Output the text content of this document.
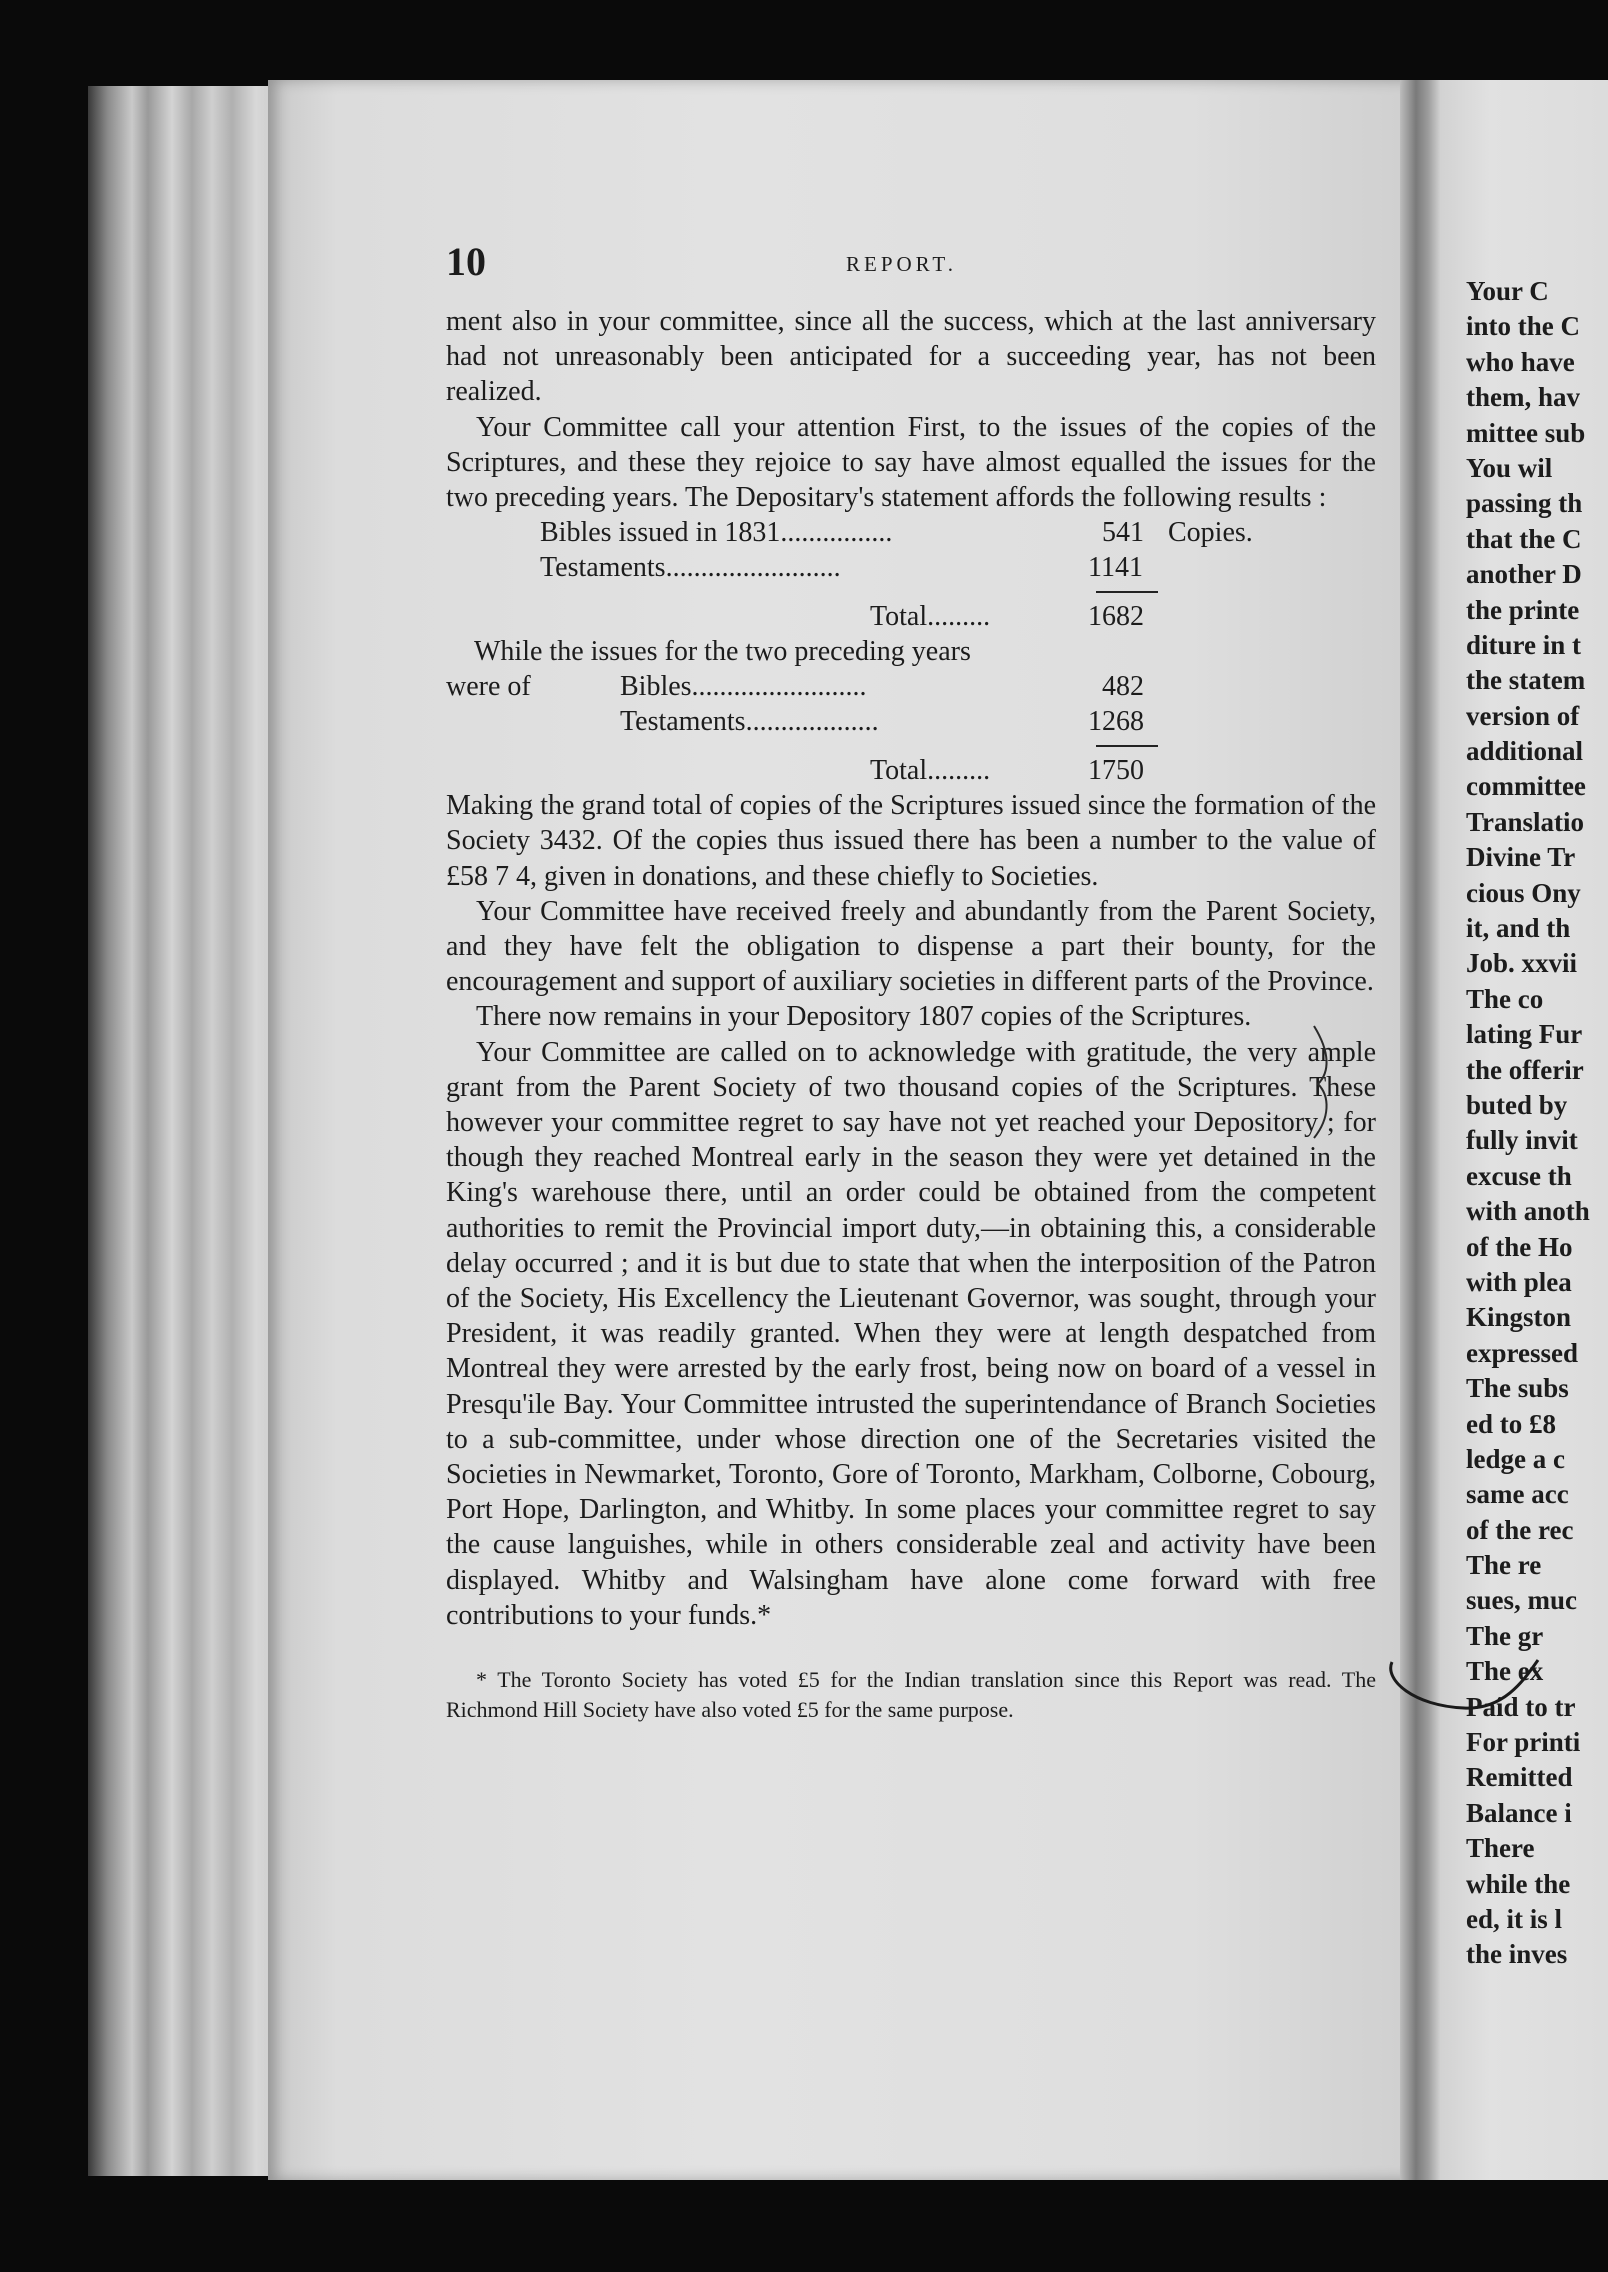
10	REPORT.

ment also in your committee, since all the success, which at the last anniversary had not unreasonably been anticipated for a succeeding year, has not been realized.

Your Committee call your attention First, to the issues of the copies of the Scriptures, and these they rejoice to say have almost equalled the issues for the two preceding years. The Depositary's statement affords the following results :

Bibles issued in 1831................	541 Copies.
Testaments.........................	1141
Total.........	1682
While the issues for the two preceding years
were of	Bibles.........................	482
Testaments...................	1268
Total.........	1750

Making the grand total of copies of the Scriptures issued since the formation of the Society 3432. Of the copies thus issued there has been a number to the value of £58 7 4, given in donations, and these chiefly to Societies.

Your Committee have received freely and abundantly from the Parent Society, and they have felt the obligation to dispense a part their bounty, for the encouragement and support of auxiliary societies in different parts of the Province.

There now remains in your Depository 1807 copies of the Scriptures.

Your Committee are called on to acknowledge with gratitude, the very ample grant from the Parent Society of two thousand copies of the Scriptures. These however your committee regret to say have not yet reached your Depository ; for though they reached Montreal early in the season they were yet detained in the King's warehouse there, until an order could be obtained from the competent authorities to remit the Provincial import duty,—in obtaining this, a considerable delay occurred ; and it is but due to state that when the interposition of the Patron of the Society, His Excellency the Lieutenant Governor, was sought, through your President, it was readily granted. When they were at length despatched from Montreal they were arrested by the early frost, being now on board of a vessel in Presqu'ile Bay. Your Committee intrusted the superintendance of Branch Societies to a sub-committee, under whose direction one of the Secretaries visited the Societies in Newmarket, Toronto, Gore of Toronto, Markham, Colborne, Cobourg, Port Hope, Darlington, and Whitby. In some places your committee regret to say the cause languishes, while in others considerable zeal and activity have been displayed. Whitby and Walsingham have alone come forward with free contributions to your funds.*

* The Toronto Society has voted £5 for the Indian translation since this Report was read. The Richmond Hill Society have also voted £5 for the same purpose.

Your C
into the C
who have
them, hav
mittee sub
You wil
passing th
that the C
another D
the printe
diture in t
the statem
version of
additional
committee
Translatio
Divine Tr
cious Ony
it, and th
Job. xxvii
The co
lating Fur
the offerir
buted by
fully invit
excuse th
with anoth
of the Ho
with plea
Kingston
expressed
The subs
ed to £8
ledge a c
same acc
of the rec
The re
sues, muc
The gr
The ex
Paid to tr
For printi
Remitted
Balance i
There
while the
ed, it is l
the inves
